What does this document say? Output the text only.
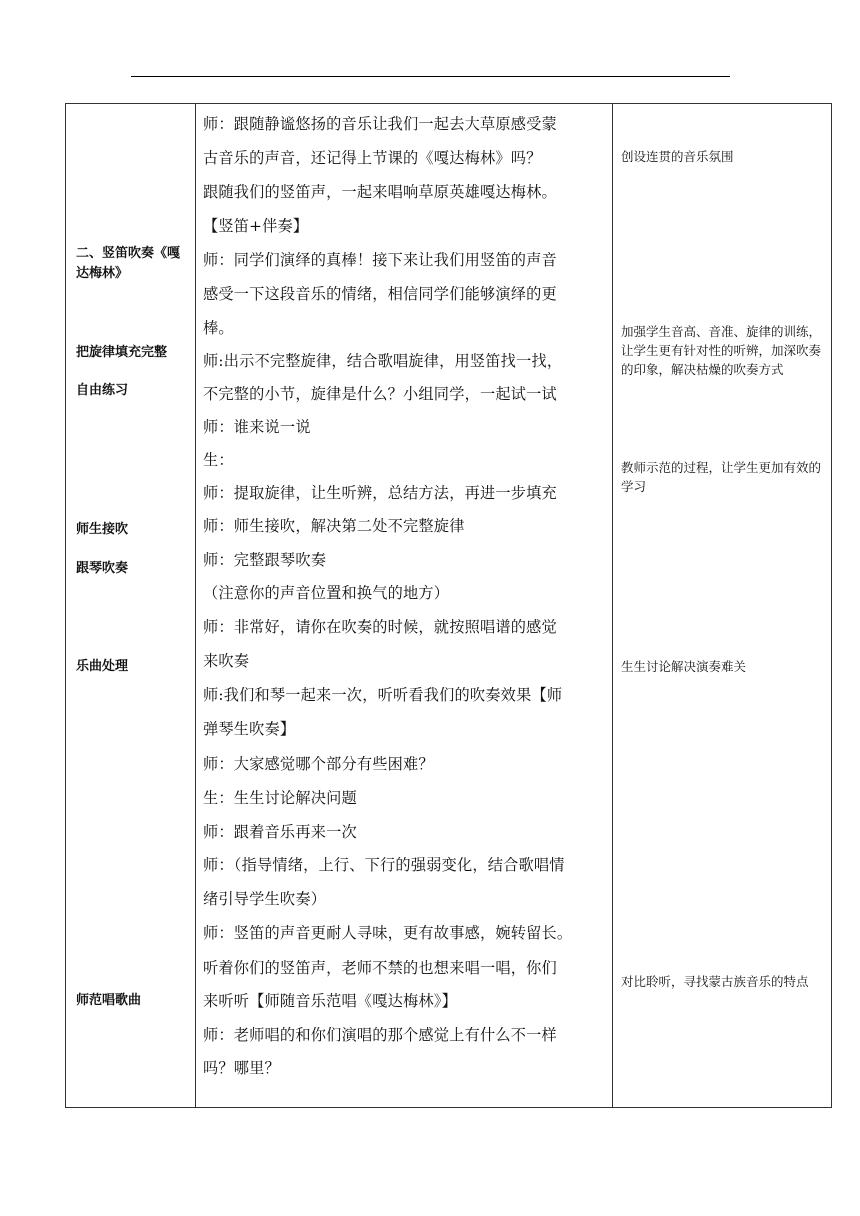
二、竖笛吹奏《嘎
达梅林》
把旋律填充完整
自由练习
师生接吹
跟琴吹奏
乐曲处理
师范唱歌曲
师：跟随静谧悠扬的音乐让我们一起去大草原感受蒙
古音乐的声音，还记得上节课的《嘎达梅林》吗？
跟随我们的竖笛声，一起来唱响草原英雄嘎达梅林。
【竖笛+伴奏】
师：同学们演绎的真棒！接下来让我们用竖笛的声音
感受一下这段音乐的情绪，相信同学们能够演绎的更
棒。
师:出示不完整旋律，结合歌唱旋律，用竖笛找一找，
不完整的小节，旋律是什么？小组同学，一起试一试
师：谁来说一说
生：
师：提取旋律，让生听辨，总结方法，再进一步填充
师：师生接吹，解决第二处不完整旋律
师：完整跟琴吹奏
（注意你的声音位置和换气的地方）
师：非常好，请你在吹奏的时候，就按照唱谱的感觉
来吹奏
师:我们和琴一起来一次，听听看我们的吹奏效果【师
弹琴生吹奏】
师：大家感觉哪个部分有些困难？
生：生生讨论解决问题
师：跟着音乐再来一次
师：（指导情绪，上行、下行的强弱变化，结合歌唱情
绪引导学生吹奏）
师：竖笛的声音更耐人寻味，更有故事感，婉转留长。
听着你们的竖笛声，老师不禁的也想来唱一唱，你们
来听听【师随音乐范唱《嘎达梅林》】
师：老师唱的和你们演唱的那个感觉上有什么不一样
吗？哪里？
创设连贯的音乐氛围
加强学生音高、音准、旋律的训练，让学生更有针对性的听辨，加深吹奏的印象，解决枯燥的吹奏方式
教师示范的过程，让学生更加有效的学习
生生讨论解决演奏难关
对比聆听，寻找蒙古族音乐的特点
